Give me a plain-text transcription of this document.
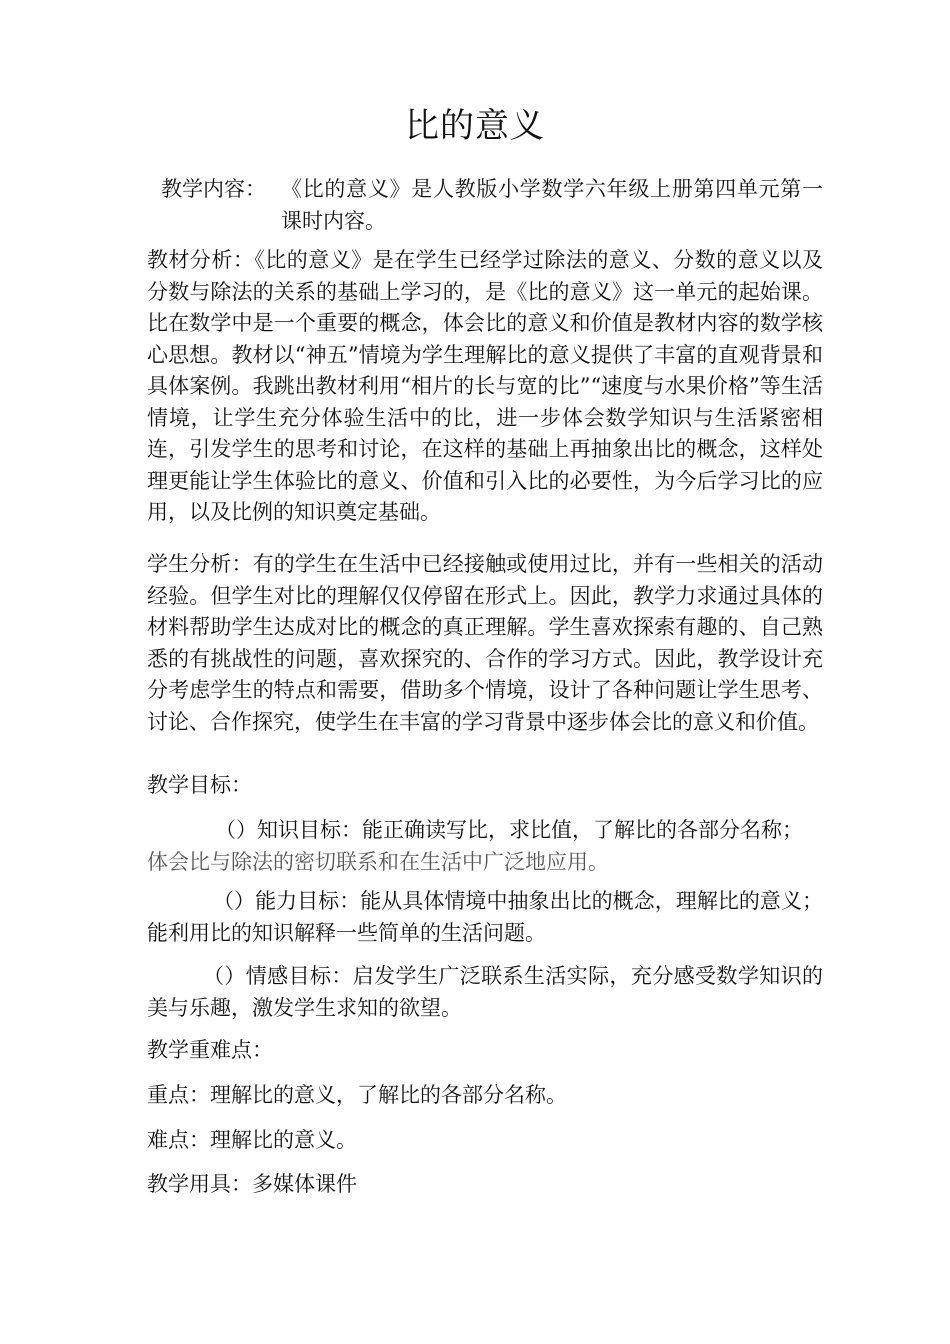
比的意义
教学内容： 《比的意义》是人教版小学数学六年级上册第四单元第一课时内容。

教材分析：《比的意义》是在学生已经学过除法的意义、分数的意义以及分数与除法的关系的基础上学习的，是《比的意义》这一单元的起始课。比在数学中是一个重要的概念，体会比的意义和价值是教材内容的数学核心思想。教材以“神五”情境为学生理解比的意义提供了丰富的直观背景和具体案例。我跳出教材利用“相片的长与宽的比”“速度与水果价格”等生活情境，让学生充分体验生活中的比，进一步体会数学知识与生活紧密相连，引发学生的思考和讨论，在这样的基础上再抽象出比的概念，这样处理更能让学生体验比的意义、价值和引入比的必要性，为今后学习比的应用，以及比例的知识奠定基础。

学生分析：有的学生在生活中已经接触或使用过比，并有一些相关的活动经验。但学生对比的理解仅仅停留在形式上。因此，教学力求通过具体的材料帮助学生达成对比的概念的真正理解。学生喜欢探索有趣的、自己熟悉的有挑战性的问题，喜欢探究的、合作的学习方式。因此，教学设计充分考虑学生的特点和需要，借助多个情境，设计了各种问题让学生思考、讨论、合作探究，使学生在丰富的学习背景中逐步体会比的意义和价值。

教学目标：

（）知识目标：能正确读写比，求比值，了解比的各部分名称；
体会比与除法的密切联系和在生活中广泛地应用。

（）能力目标：能从具体情境中抽象出比的概念，理解比的意义；能利用比的知识解释一些简单的生活问题。

（）情感目标：启发学生广泛联系生活实际，充分感受数学知识的美与乐趣，激发学生求知的欲望。

教学重难点：

重点：理解比的意义，了解比的各部分名称。

难点：理解比的意义。

教学用具：多媒体课件
